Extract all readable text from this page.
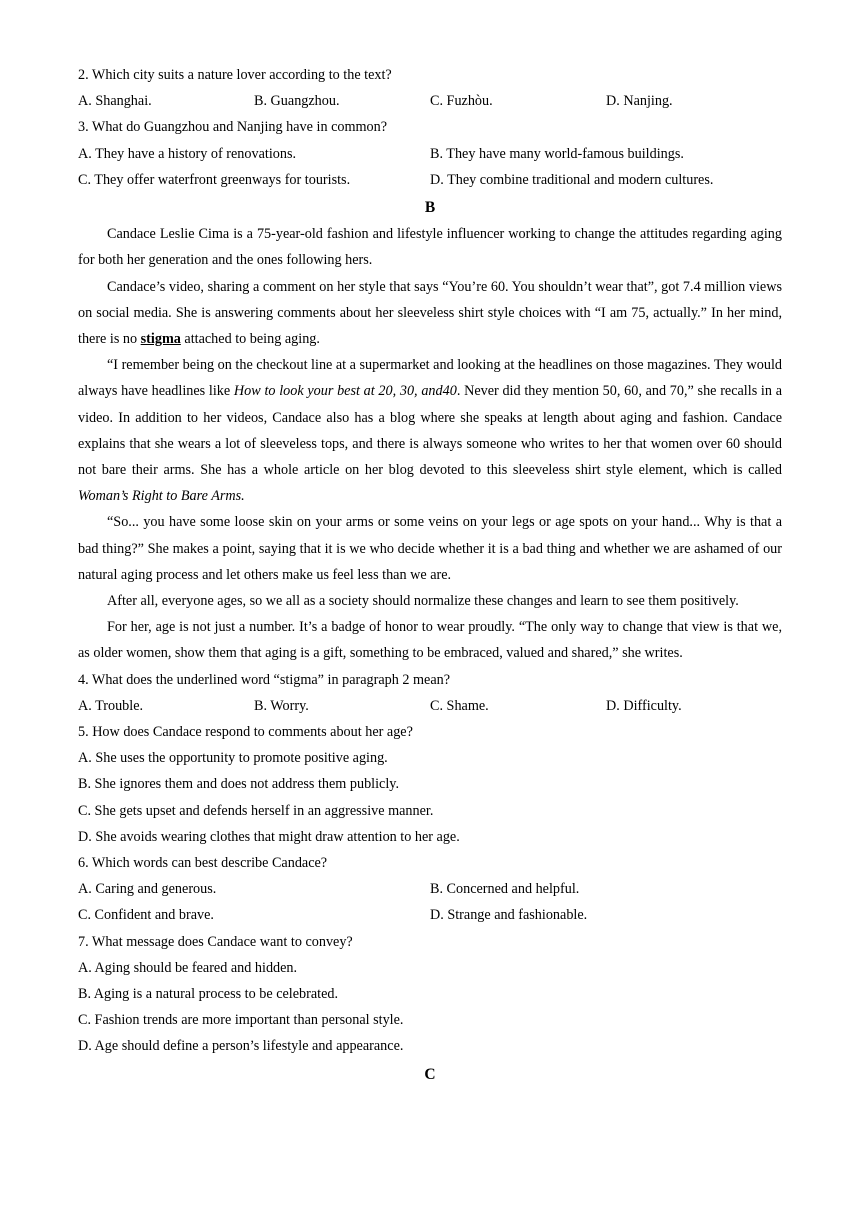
2. Which city suits a nature lover according to the text?

A. Shanghai.	B. Guangzhou.	C. Fuzhòu.	D. Nanjing.

3. What do Guangzhou and Nanjing have in common?

A. They have a history of renovations.	B. They have many world-famous buildings.
C. They offer waterfront greenways for tourists.	D. They combine traditional and modern cultures.
B

Candace Leslie Cima is a 75-year-old fashion and lifestyle influencer working to change the attitudes regarding aging for both her generation and the ones following hers.

Candace’s video, sharing a comment on her style that says “You’re 60. You shouldn’t wear that”, got 7.4 million views on social media. She is answering comments about her sleeveless shirt style choices with “I am 75, actually.” In her mind, there is no stigma attached to being aging.

“I remember being on the checkout line at a supermarket and looking at the headlines on those magazines. They would always have headlines like How to look your best at 20, 30, and40. Never did they mention 50, 60, and 70,” she recalls in a video. In addition to her videos, Candace also has a blog where she speaks at length about aging and fashion. Candace explains that she wears a lot of sleeveless tops, and there is always someone who writes to her that women over 60 should not bare their arms. She has a whole article on her blog devoted to this sleeveless shirt style element, which is called Woman’s Right to Bare Arms.

“So... you have some loose skin on your arms or some veins on your legs or age spots on your hand... Why is that a bad thing?” She makes a point, saying that it is we who decide whether it is a bad thing and whether we are ashamed of our natural aging process and let others make us feel less than we are.

After all, everyone ages, so we all as a society should normalize these changes and learn to see them positively.

For her, age is not just a number. It’s a badge of honor to wear proudly. “The only way to change that view is that we, as older women, show them that aging is a gift, something to be embraced, valued and shared,” she writes.

4. What does the underlined word “stigma” in paragraph 2 mean?

A. Trouble.	B. Worry.	C. Shame.	D. Difficulty.

5. How does Candace respond to comments about her age?

A. She uses the opportunity to promote positive aging.

B. She ignores them and does not address them publicly.

C. She gets upset and defends herself in an aggressive manner.

D. She avoids wearing clothes that might draw attention to her age.

6. Which words can best describe Candace?

A. Caring and generous.	B. Concerned and helpful.
C. Confident and brave.	D. Strange and fashionable.

7. What message does Candace want to convey?

A. Aging should be feared and hidden.

B. Aging is a natural process to be celebrated.

C. Fashion trends are more important than personal style.

D. Age should define a person’s lifestyle and appearance.

C
